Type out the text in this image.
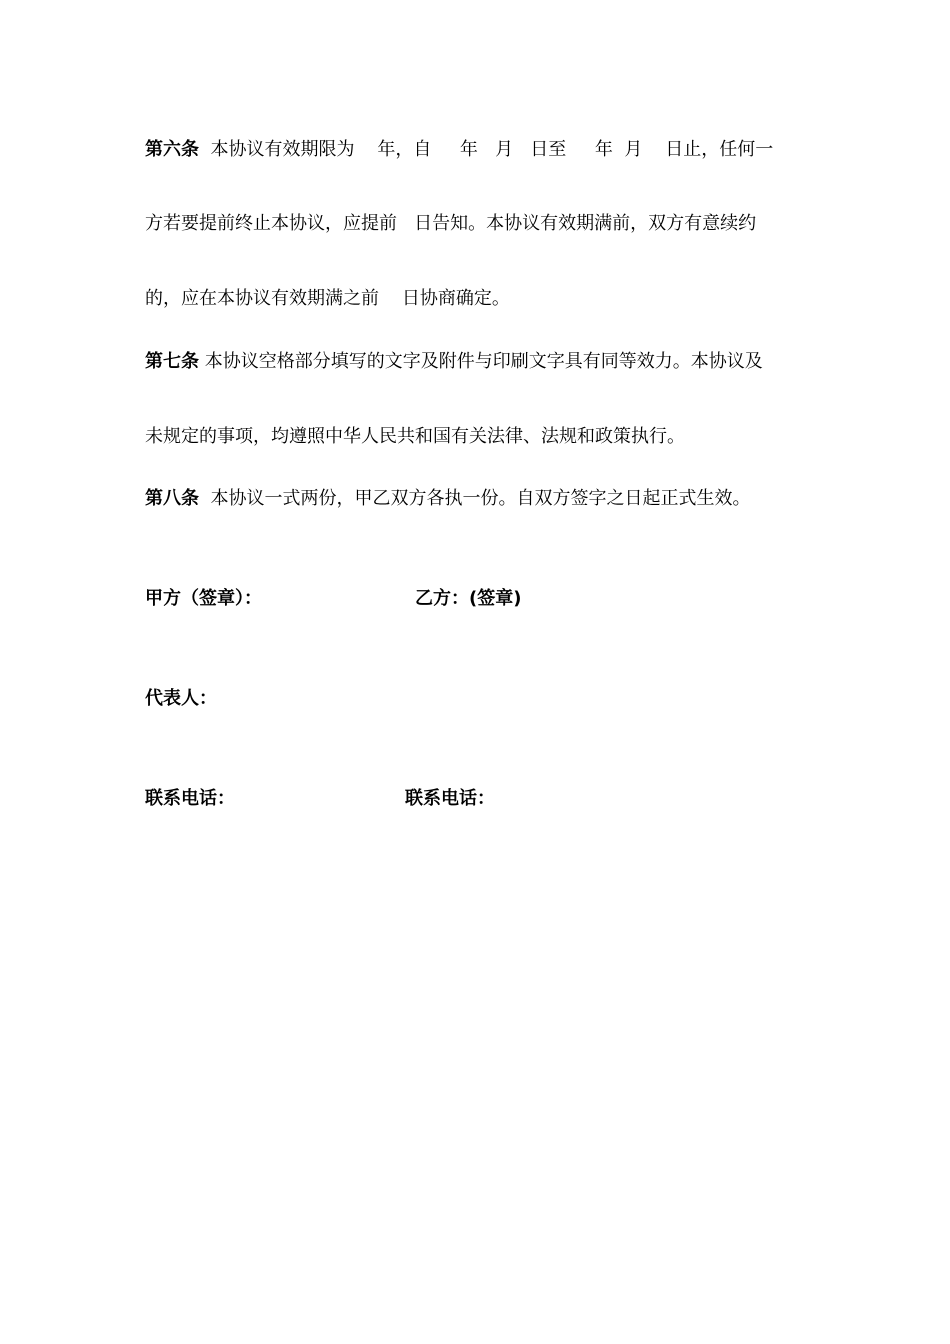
第六条  本协议有效期限为    年，自     年   月   日至     年  月    日止，任何一
方若要提前终止本协议，应提前   日告知。本协议有效期满前，双方有意续约
的，应在本协议有效期满之前    日协商确定。
第七条 本协议空格部分填写的文字及附件与印刷文字具有同等效力。本协议及
未规定的事项，均遵照中华人民共和国有关法律、法规和政策执行。
第八条  本协议一式两份，甲乙双方各执一份。自双方签字之日起正式生效。
甲方（签章）：	乙方：(签章)
代表人：
联系电话：	联系电话：
